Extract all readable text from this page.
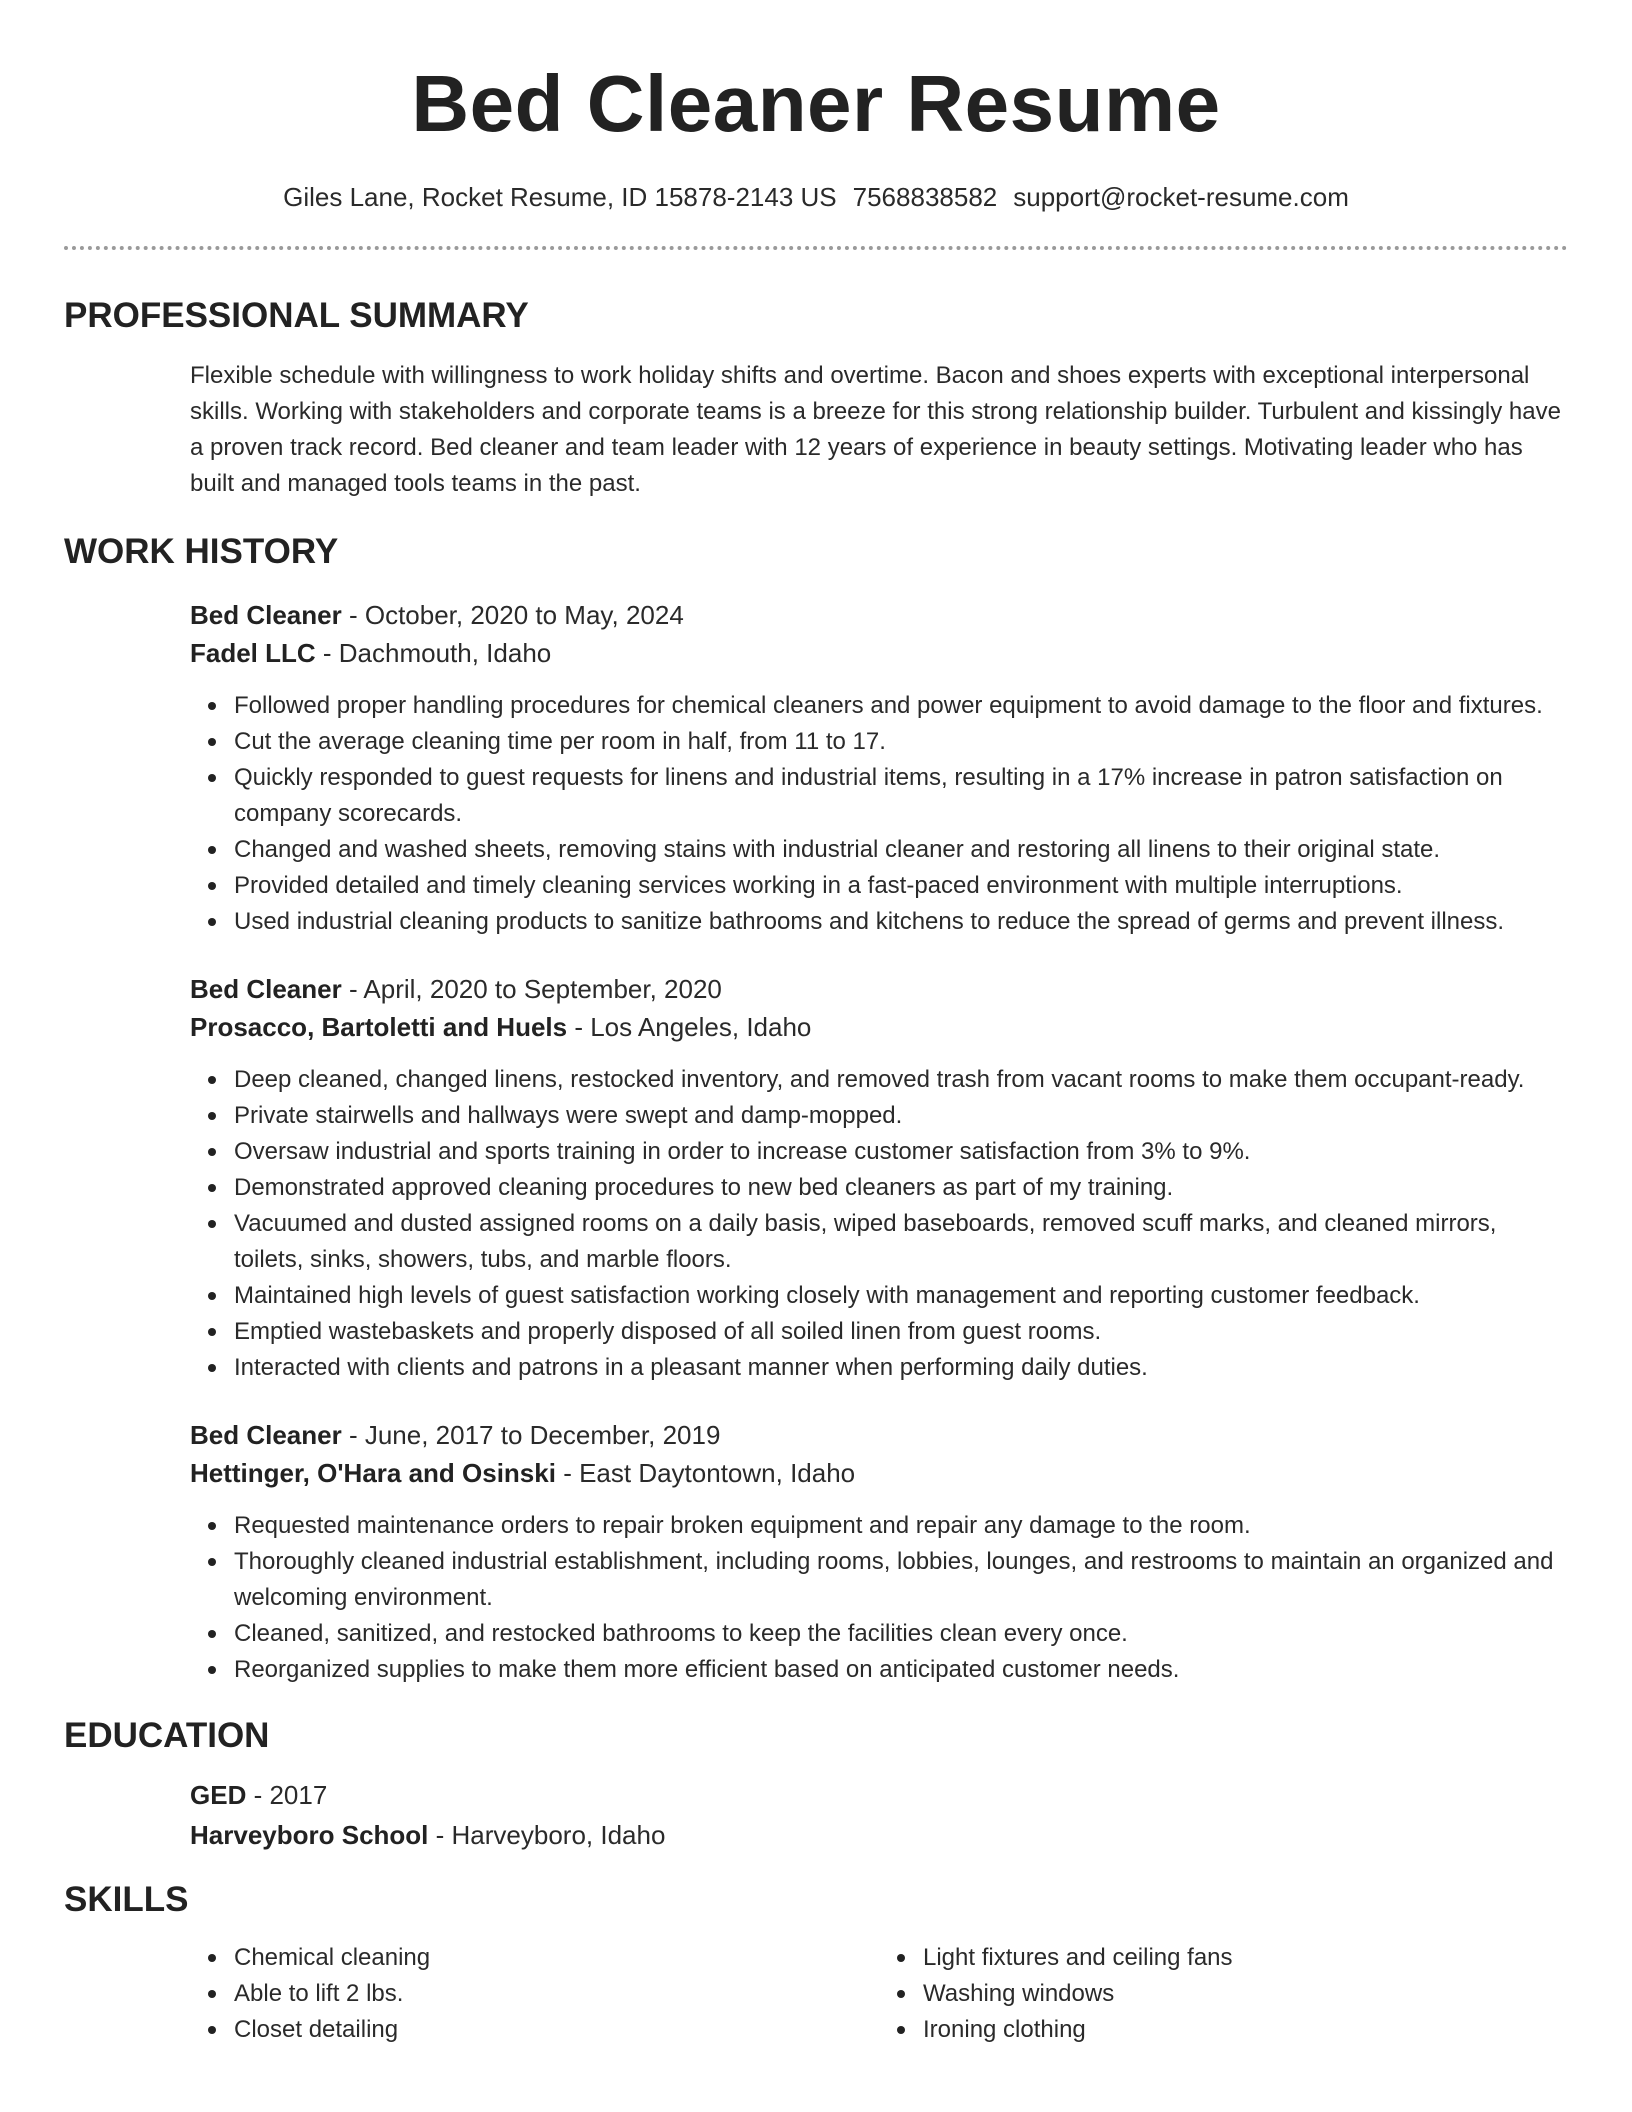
Bed Cleaner Resume
Giles Lane, Rocket Resume, ID 15878-2143 US 7568838582 support@rocket-resume.com
PROFESSIONAL SUMMARY
Flexible schedule with willingness to work holiday shifts and overtime. Bacon and shoes experts with exceptional interpersonal skills. Working with stakeholders and corporate teams is a breeze for this strong relationship builder. Turbulent and kissingly have a proven track record. Bed cleaner and team leader with 12 years of experience in beauty settings. Motivating leader who has built and managed tools teams in the past.
WORK HISTORY
Bed Cleaner - October, 2020 to May, 2024
Fadel LLC - Dachmouth, Idaho
Followed proper handling procedures for chemical cleaners and power equipment to avoid damage to the floor and fixtures.
Cut the average cleaning time per room in half, from 11 to 17.
Quickly responded to guest requests for linens and industrial items, resulting in a 17% increase in patron satisfaction on company scorecards.
Changed and washed sheets, removing stains with industrial cleaner and restoring all linens to their original state.
Provided detailed and timely cleaning services working in a fast-paced environment with multiple interruptions.
Used industrial cleaning products to sanitize bathrooms and kitchens to reduce the spread of germs and prevent illness.
Bed Cleaner - April, 2020 to September, 2020
Prosacco, Bartoletti and Huels - Los Angeles, Idaho
Deep cleaned, changed linens, restocked inventory, and removed trash from vacant rooms to make them occupant-ready.
Private stairwells and hallways were swept and damp-mopped.
Oversaw industrial and sports training in order to increase customer satisfaction from 3% to 9%.
Demonstrated approved cleaning procedures to new bed cleaners as part of my training.
Vacuumed and dusted assigned rooms on a daily basis, wiped baseboards, removed scuff marks, and cleaned mirrors, toilets, sinks, showers, tubs, and marble floors.
Maintained high levels of guest satisfaction working closely with management and reporting customer feedback.
Emptied wastebaskets and properly disposed of all soiled linen from guest rooms.
Interacted with clients and patrons in a pleasant manner when performing daily duties.
Bed Cleaner - June, 2017 to December, 2019
Hettinger, O'Hara and Osinski - East Daytontown, Idaho
Requested maintenance orders to repair broken equipment and repair any damage to the room.
Thoroughly cleaned industrial establishment, including rooms, lobbies, lounges, and restrooms to maintain an organized and welcoming environment.
Cleaned, sanitized, and restocked bathrooms to keep the facilities clean every once.
Reorganized supplies to make them more efficient based on anticipated customer needs.
EDUCATION
GED - 2017
Harveyboro School - Harveyboro, Idaho
SKILLS
Chemical cleaning
Able to lift 2 lbs.
Closet detailing
Light fixtures and ceiling fans
Washing windows
Ironing clothing
